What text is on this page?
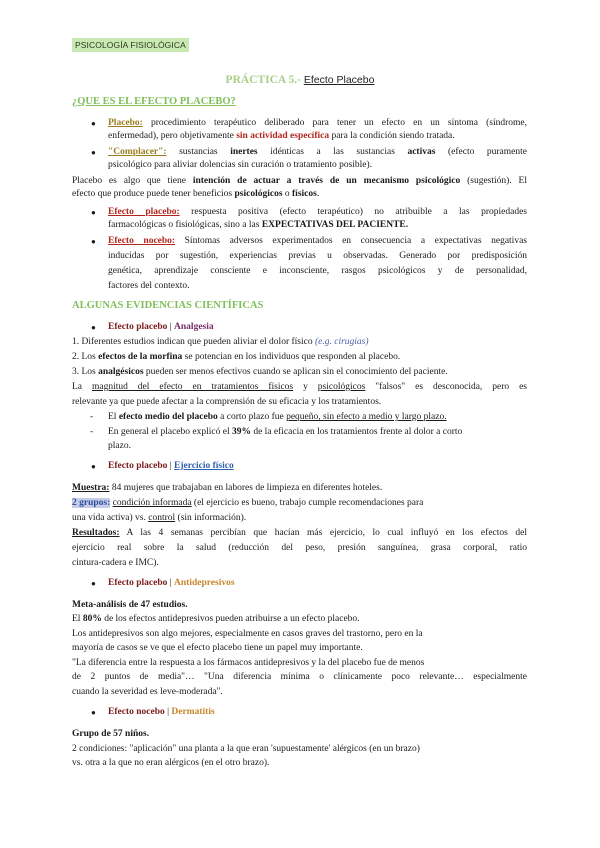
PSICOLOGÍA FISIOLÓGICA
PRÁCTICA 5.- Efecto Placebo
¿QUE ES EL EFECTO PLACEBO?
● Placebo: procedimiento terapéutico deliberado para tener un efecto en un síntoma (síndrome,
enfermedad), pero objetivamente sin actividad específica para la condición siendo tratada.
● "Complacer": sustancias inertes idénticas a las sustancias activas (efecto puramente
psicológico para aliviar dolencias sin curación o tratamiento posible).
Placebo es algo que tiene intención de actuar a través de un mecanismo psicológico (sugestión). El
efecto que produce puede tener beneficios psicológicos o físicos.
● Efecto placebo: respuesta positiva (efecto terapéutico) no atribuible a las propiedades
farmacológicas o fisiológicas, sino a las EXPECTATIVAS DEL PACIENTE.
● Efecto nocebo: Síntomas adversos experimentados en consecuencia a expectativas negativas
inducidas por sugestión, experiencias previas u observadas. Generado por predisposición
genética, aprendizaje consciente e inconsciente, rasgos psicológicos y de personalidad,
factores del contexto.
ALGUNAS EVIDENCIAS CIENTÍFICAS
● Efecto placebo | Analgesia
1. Diferentes estudios indican que pueden aliviar el dolor físico (e.g. cirugías)
2. Los efectos de la morfina se potencian en los individuos que responden al placebo.
3. Los analgésicos pueden ser menos efectivos cuando se aplican sin el conocimiento del paciente.
La magnitud del efecto en tratamientos físicos y psicológicos "falsos" es desconocida, pero es
relevante ya que puede afectar a la comprensión de su eficacia y los tratamientos.
- El efecto medio del placebo a corto plazo fue pequeño, sin efecto a medio y largo plazo.
- En general el placebo explicó el 39% de la eficacia en los tratamientos frente al dolor a corto
plazo.
● Efecto placebo | Ejercicio físico
Muestra: 84 mujeres que trabajaban en labores de limpieza en diferentes hoteles.
2 grupos: condición informada (el ejercicio es bueno, trabajo cumple recomendaciones para
una vida activa) vs. control (sin información).
Resultados: A las 4 semanas percibían que hacían más ejercicio, lo cual influyó en los efectos del
ejercicio real sobre la salud (reducción del peso, presión sanguínea, grasa corporal, ratio
cintura-cadera e IMC).
● Efecto placebo | Antidepresivos
Meta-análisis de 47 estudios.
El 80% de los efectos antidepresivos pueden atribuirse a un efecto placebo.
Los antidepresivos son algo mejores, especialmente en casos graves del trastorno, pero en la
mayoría de casos se ve que el efecto placebo tiene un papel muy importante.
"La diferencia entre la respuesta a los fármacos antidepresivos y la del placebo fue de menos
de 2 puntos de media"… "Una diferencia mínima o clínicamente poco relevante… especialmente
cuando la severidad es leve-moderada".
● Efecto nocebo | Dermatitis
Grupo de 57 niños.
2 condiciones: "aplicación" una planta a la que eran 'supuestamente' alérgicos (en un brazo)
vs. otra a la que no eran alérgicos (en el otro brazo).
